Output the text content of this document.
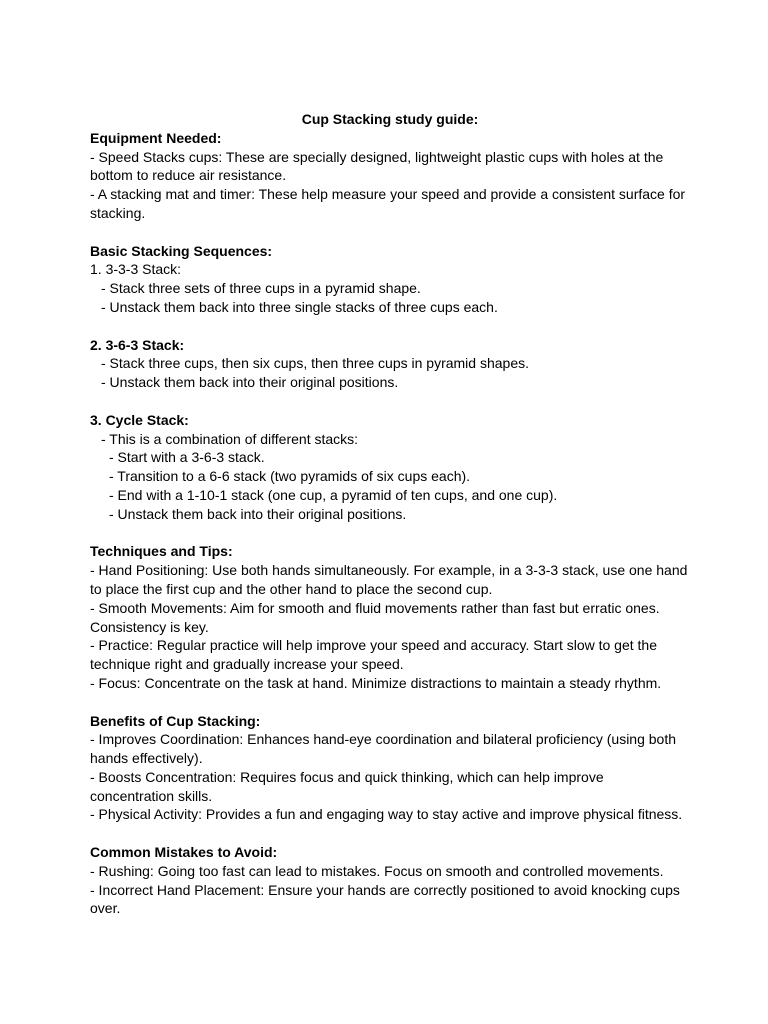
Cup Stacking study guide:

Equipment Needed:

- Speed Stacks cups: These are specially designed, lightweight plastic cups with holes at the bottom to reduce air resistance.

- A stacking mat and timer: These help measure your speed and provide a consistent surface for stacking.

Basic Stacking Sequences:

1. 3-3-3 Stack:

- Stack three sets of three cups in a pyramid shape.

- Unstack them back into three single stacks of three cups each.

2. 3-6-3 Stack:

- Stack three cups, then six cups, then three cups in pyramid shapes.

- Unstack them back into their original positions.

3. Cycle Stack:

- This is a combination of different stacks:

- Start with a 3-6-3 stack.

- Transition to a 6-6 stack (two pyramids of six cups each).

- End with a 1-10-1 stack (one cup, a pyramid of ten cups, and one cup).

- Unstack them back into their original positions.

Techniques and Tips:

- Hand Positioning: Use both hands simultaneously. For example, in a 3-3-3 stack, use one hand to place the first cup and the other hand to place the second cup.

- Smooth Movements: Aim for smooth and fluid movements rather than fast but erratic ones. Consistency is key.

- Practice: Regular practice will help improve your speed and accuracy. Start slow to get the technique right and gradually increase your speed.

- Focus: Concentrate on the task at hand. Minimize distractions to maintain a steady rhythm.

Benefits of Cup Stacking:

- Improves Coordination: Enhances hand-eye coordination and bilateral proficiency (using both hands effectively).

- Boosts Concentration: Requires focus and quick thinking, which can help improve concentration skills.

- Physical Activity: Provides a fun and engaging way to stay active and improve physical fitness.

Common Mistakes to Avoid:

- Rushing: Going too fast can lead to mistakes. Focus on smooth and controlled movements.

- Incorrect Hand Placement: Ensure your hands are correctly positioned to avoid knocking cups over.
